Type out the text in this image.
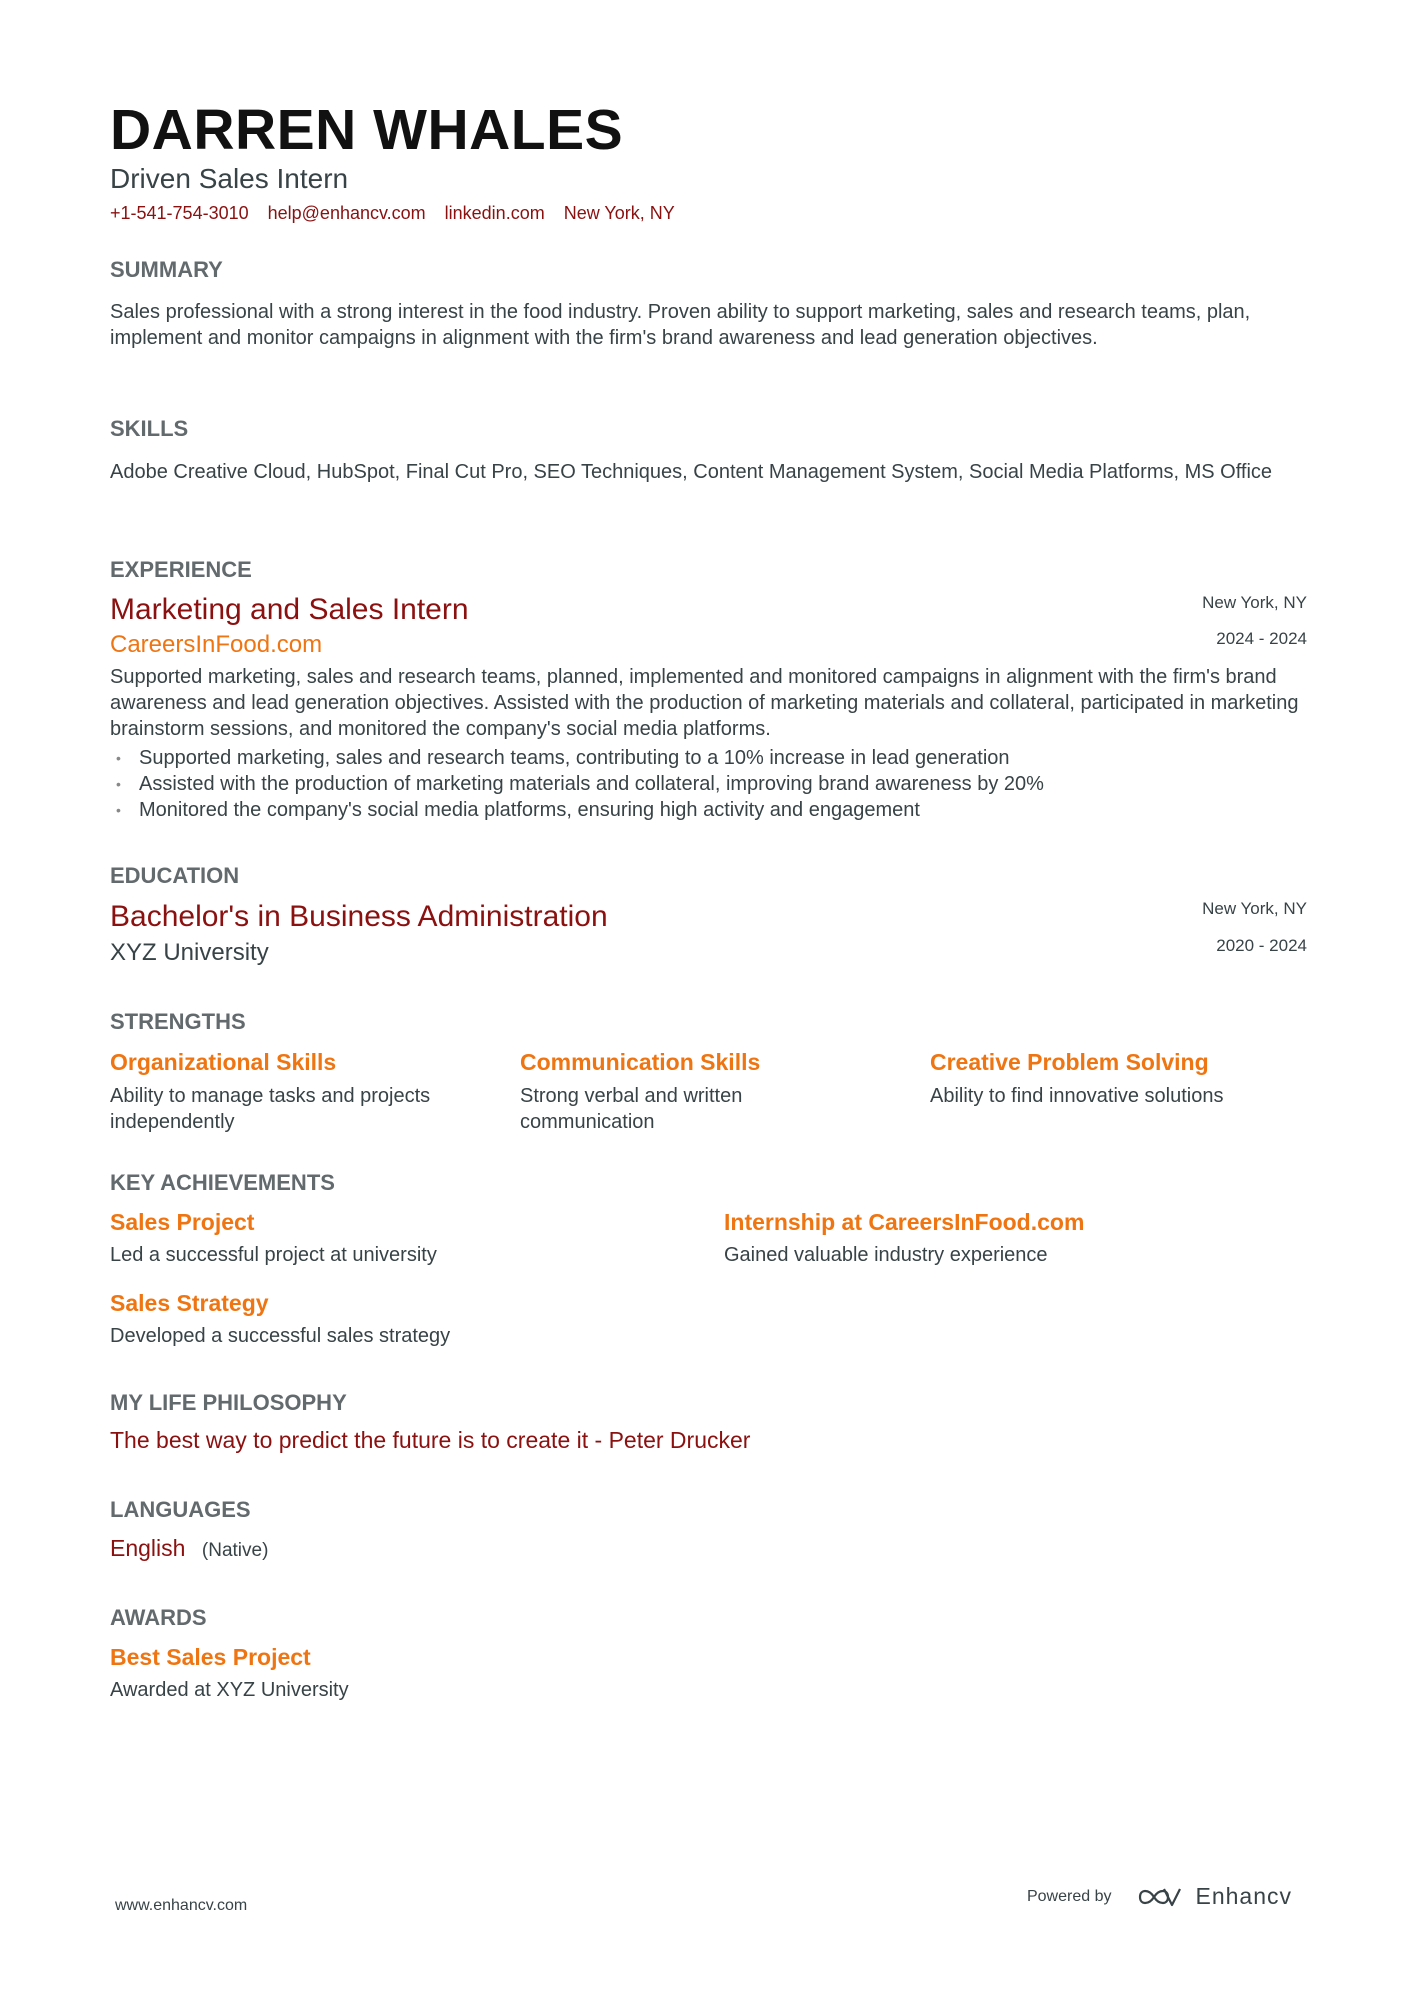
DARREN WHALES
Driven Sales Intern
+1-541-754-3010 help@enhancv.com linkedin.com New York, NY
SUMMARY
Sales professional with a strong interest in the food industry. Proven ability to support marketing, sales and research teams, plan, implement and monitor campaigns in alignment with the firm's brand awareness and lead generation objectives.
SKILLS
Adobe Creative Cloud, HubSpot, Final Cut Pro, SEO Techniques, Content Management System, Social Media Platforms, MS Office
EXPERIENCE
Marketing and Sales Intern	New York, NY
CareersInFood.com	2024 - 2024
Supported marketing, sales and research teams, planned, implemented and monitored campaigns in alignment with the firm's brand awareness and lead generation objectives. Assisted with the production of marketing materials and collateral, participated in marketing brainstorm sessions, and monitored the company's social media platforms.
• Supported marketing, sales and research teams, contributing to a 10% increase in lead generation
• Assisted with the production of marketing materials and collateral, improving brand awareness by 20%
• Monitored the company's social media platforms, ensuring high activity and engagement
EDUCATION
Bachelor's in Business Administration	New York, NY
XYZ University	2020 - 2024
STRENGTHS
Organizational Skills
Ability to manage tasks and projects independently
Communication Skills
Strong verbal and written communication
Creative Problem Solving
Ability to find innovative solutions
KEY ACHIEVEMENTS
Sales Project
Led a successful project at university
Internship at CareersInFood.com
Gained valuable industry experience
Sales Strategy
Developed a successful sales strategy
MY LIFE PHILOSOPHY
The best way to predict the future is to create it - Peter Drucker
LANGUAGES
English (Native)
AWARDS
Best Sales Project
Awarded at XYZ University
www.enhancv.com
Powered by	Enhancv
